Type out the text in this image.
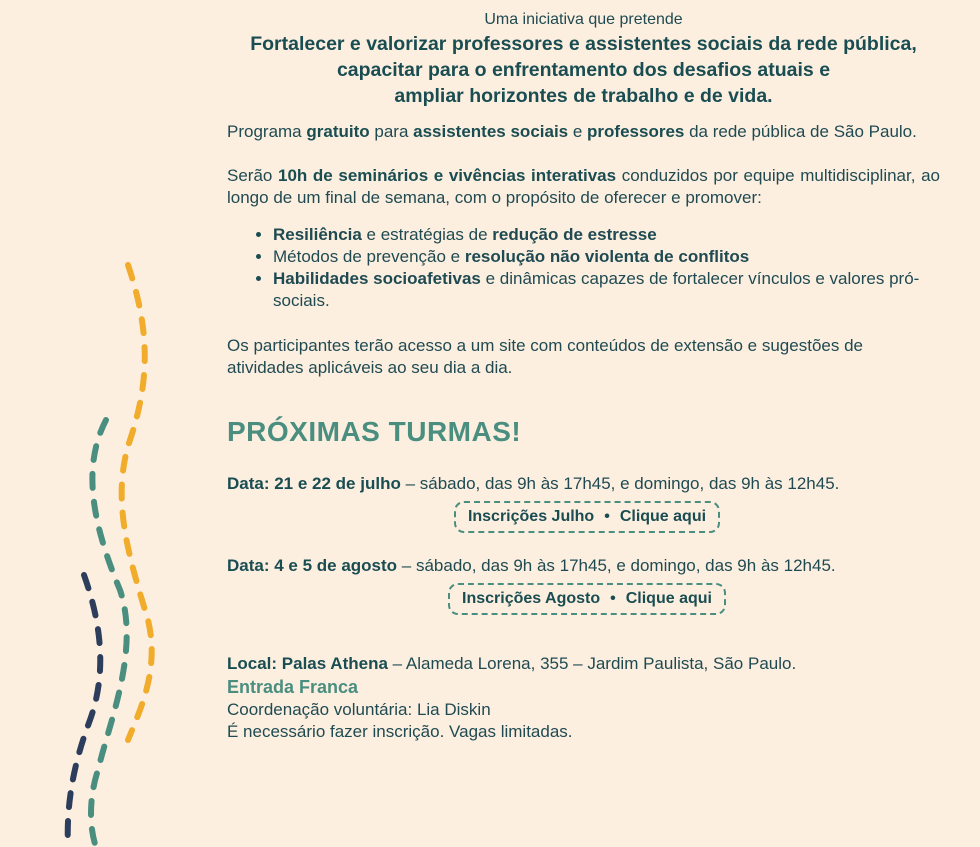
Uma iniciativa que pretende
Fortalecer e valorizar professores e assistentes sociais da rede pública,
capacitar para o enfrentamento dos desafios atuais e
ampliar horizontes de trabalho e de vida.

Programa gratuito para assistentes sociais e professores da rede pública de São Paulo.

Serão 10h de seminários e vivências interativas conduzidos por equipe multidisciplinar, ao longo de um final de semana, com o propósito de oferecer e promover:

• Resiliência e estratégias de redução de estresse
• Métodos de prevenção e resolução não violenta de conflitos
• Habilidades socioafetivas e dinâmicas capazes de fortalecer vínculos e valores pró-sociais.

Os participantes terão acesso a um site com conteúdos de extensão e sugestões de atividades aplicáveis ao seu dia a dia.

PRÓXIMAS TURMAS!
Data: 21 e 22 de julho – sábado, das 9h às 17h45, e domingo, das 9h às 12h45.
Inscrições Julho • Clique aqui
Data: 4 e 5 de agosto – sábado, das 9h às 17h45, e domingo, das 9h às 12h45.
Inscrições Agosto • Clique aqui
Local: Palas Athena – Alameda Lorena, 355 – Jardim Paulista, São Paulo.
Entrada Franca
Coordenação voluntária: Lia Diskin
É necessário fazer inscrição. Vagas limitadas.
